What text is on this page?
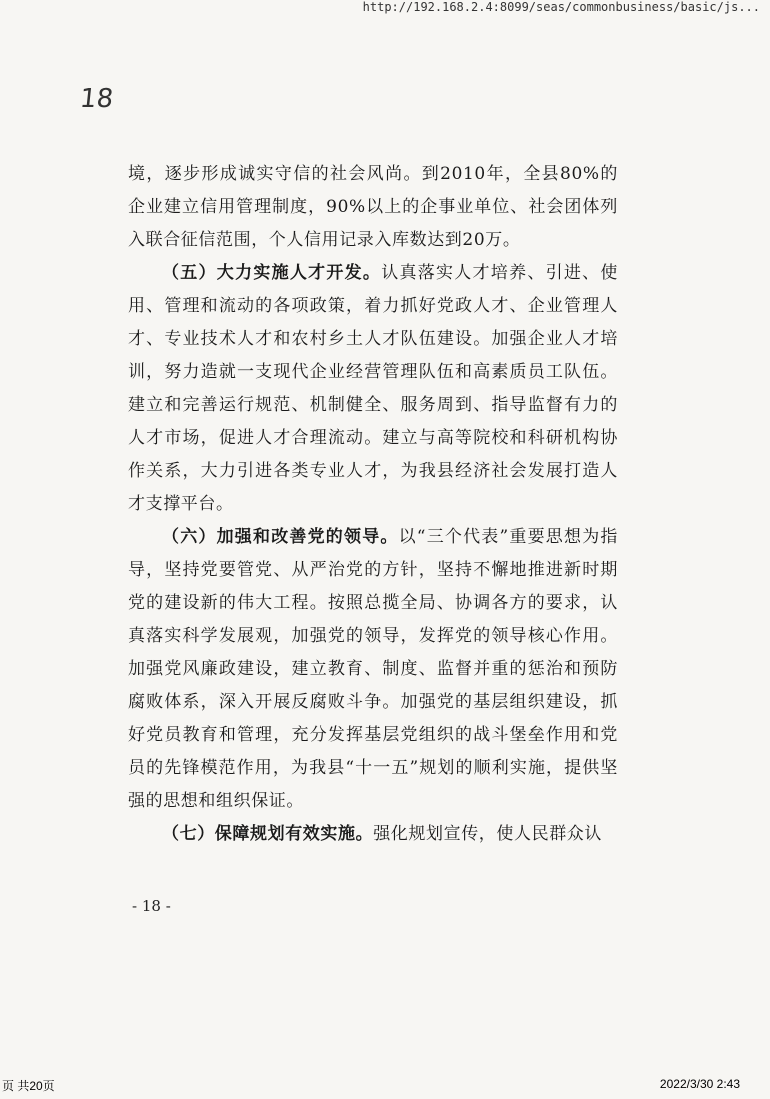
http://192.168.2.4:8099/seas/commonbusiness/basic/js...
18

境，逐步形成诚实守信的社会风尚。到2010年，全县80%的企业建立信用管理制度，90%以上的企事业单位、社会团体列入联合征信范围，个人信用记录入库数达到20万。

（五）大力实施人才开发。认真落实人才培养、引进、使用、管理和流动的各项政策，着力抓好党政人才、企业管理人才、专业技术人才和农村乡土人才队伍建设。加强企业人才培训，努力造就一支现代企业经营管理队伍和高素质员工队伍。建立和完善运行规范、机制健全、服务周到、指导监督有力的人才市场，促进人才合理流动。建立与高等院校和科研机构协作关系，大力引进各类专业人才，为我县经济社会发展打造人才支撑平台。

（六）加强和改善党的领导。以“三个代表”重要思想为指导，坚持党要管党、从严治党的方针，坚持不懈地推进新时期党的建设新的伟大工程。按照总揽全局、协调各方的要求，认真落实科学发展观，加强党的领导，发挥党的领导核心作用。加强党风廉政建设，建立教育、制度、监督并重的惩治和预防腐败体系，深入开展反腐败斗争。加强党的基层组织建设，抓好党员教育和管理，充分发挥基层党组织的战斗堡垒作用和党员的先锋模范作用，为我县“十一五”规划的顺利实施，提供坚强的思想和组织保证。

（七）保障规划有效实施。强化规划宣传，使人民群众认

- 18 -
页 共20页	2022/3/30 2:43
